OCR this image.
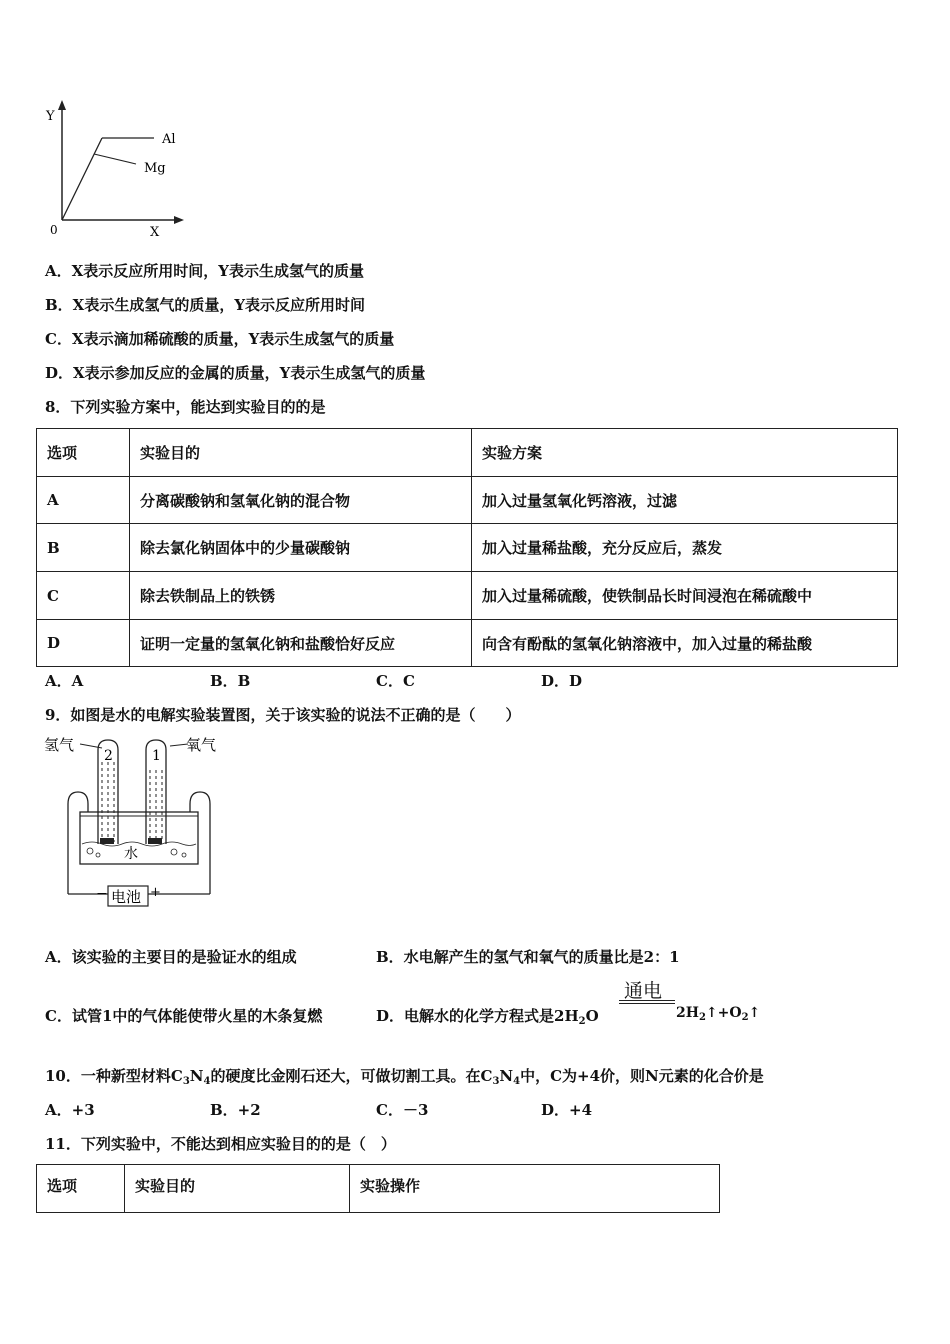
Y
X
0
Al
Mg
A．X表示反应所用时间，Y表示生成氢气的质量
B．X表示生成氢气的质量，Y表示反应所用时间
C．X表示滴加稀硫酸的质量，Y表示生成氢气的质量
D．X表示参加反应的金属的质量，Y表示生成氢气的质量
8．下列实验方案中，能达到实验目的的是
选项	实验目的	实验方案
A	分离碳酸钠和氢氧化钠的混合物	加入过量氢氧化钙溶液，过滤
B	除去氯化钠固体中的少量碳酸钠	加入过量稀盐酸，充分反应后，蒸发
C	除去铁制品上的铁锈	加入过量稀硫酸，使铁制品长时间浸泡在稀硫酸中
D	证明一定量的氢氧化钠和盐酸恰好反应	向含有酚酞的氢氧化钠溶液中，加入过量的稀盐酸
A．A	B．B	C．C	D．D
9．如图是水的电解实验装置图，关于该实验的说法不正确的是（　　）
氢气	氧气
2	1
水
电池
−	+
A．该实验的主要目的是验证水的组成	B．水电解产生的氢气和氧气的质量比是2：1
C．试管1中的气体能使带火星的木条复燃	D．电解水的化学方程式是$2H_2O$
通电
$2H_2↑+O_2↑$
10．一种新型材料$C_3N_4$的硬度比金刚石还大，可做切割工具。在$C_3N_4$中，C为+4价，则N元素的化合价是
A．+3	B．+2	C．－3	D．+4
11．下列实验中，不能达到相应实验目的的是（　）
选项	实验目的	实验操作
